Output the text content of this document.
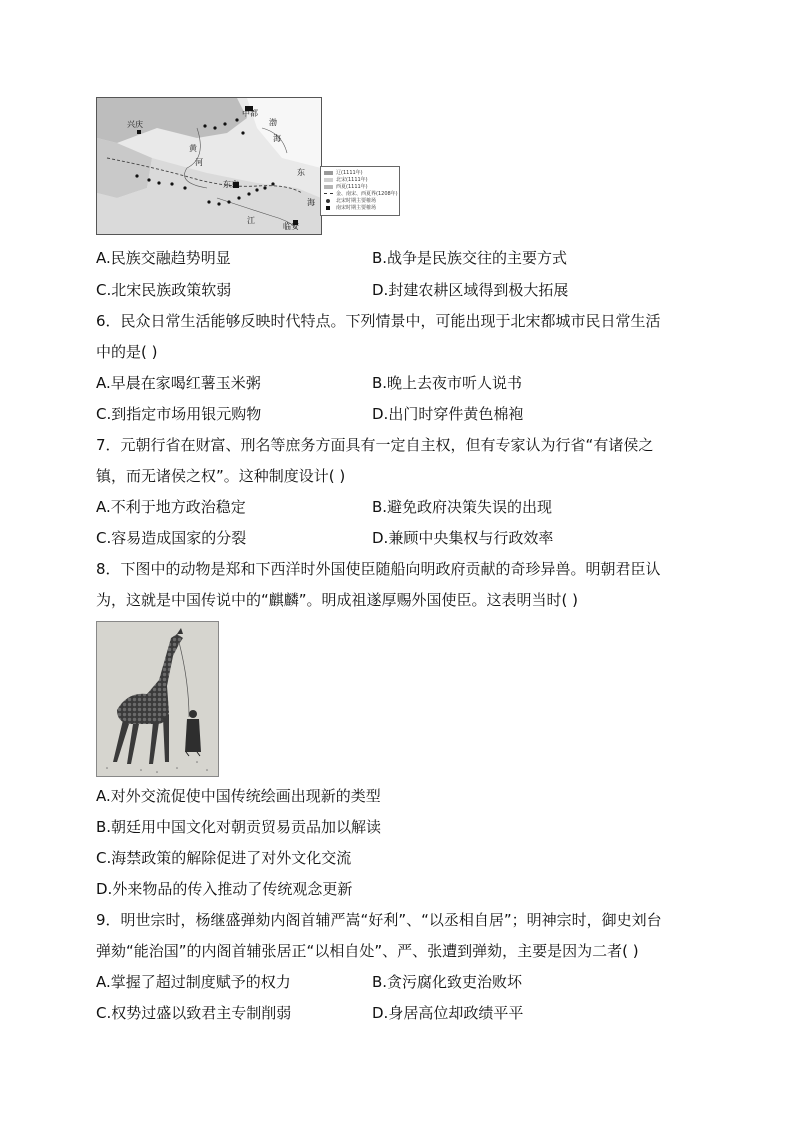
中都
兴庆
东京
临安
渤
海
东
黄
河
江
海
辽(1111年)
北宋(1111年)
西夏(1111年)
金、南宋、西夏界(1208年)
北宋时期主要榷场
南宋时期主要榷场
A.民族交融趋势明显	B.战争是民族交往的主要方式
C.北宋民族政策软弱	D.封建农耕区域得到极大拓展
6．民众日常生活能够反映时代特点。下列情景中，可能出现于北宋都城市民日常生活
中的是( )
A.早晨在家喝红薯玉米粥	B.晚上去夜市听人说书
C.到指定市场用银元购物	D.出门时穿件黄色棉袍
7．元朝行省在财富、刑名等庶务方面具有一定自主权，但有专家认为行省“有诸侯之
镇，而无诸侯之权”。这种制度设计( )
A.不利于地方政治稳定	B.避免政府决策失误的出现
C.容易造成国家的分裂	D.兼顾中央集权与行政效率
8．下图中的动物是郑和下西洋时外国使臣随船向明政府贡献的奇珍异兽。明朝君臣认
为，这就是中国传说中的“麒麟”。明成祖遂厚赐外国使臣。这表明当时( )
A.对外交流促使中国传统绘画出现新的类型
B.朝廷用中国文化对朝贡贸易贡品加以解读
C.海禁政策的解除促进了对外文化交流
D.外来物品的传入推动了传统观念更新
9．明世宗时，杨继盛弹劾内阁首辅严嵩“好利”、“以丞相自居”；明神宗时，御史刘台
弹劾“能治国”的内阁首辅张居正“以相自处”、严、张遭到弹劾，主要是因为二者( )
A.掌握了超过制度赋予的权力	B.贪污腐化致吏治败坏
C.权势过盛以致君主专制削弱	D.身居高位却政绩平平
